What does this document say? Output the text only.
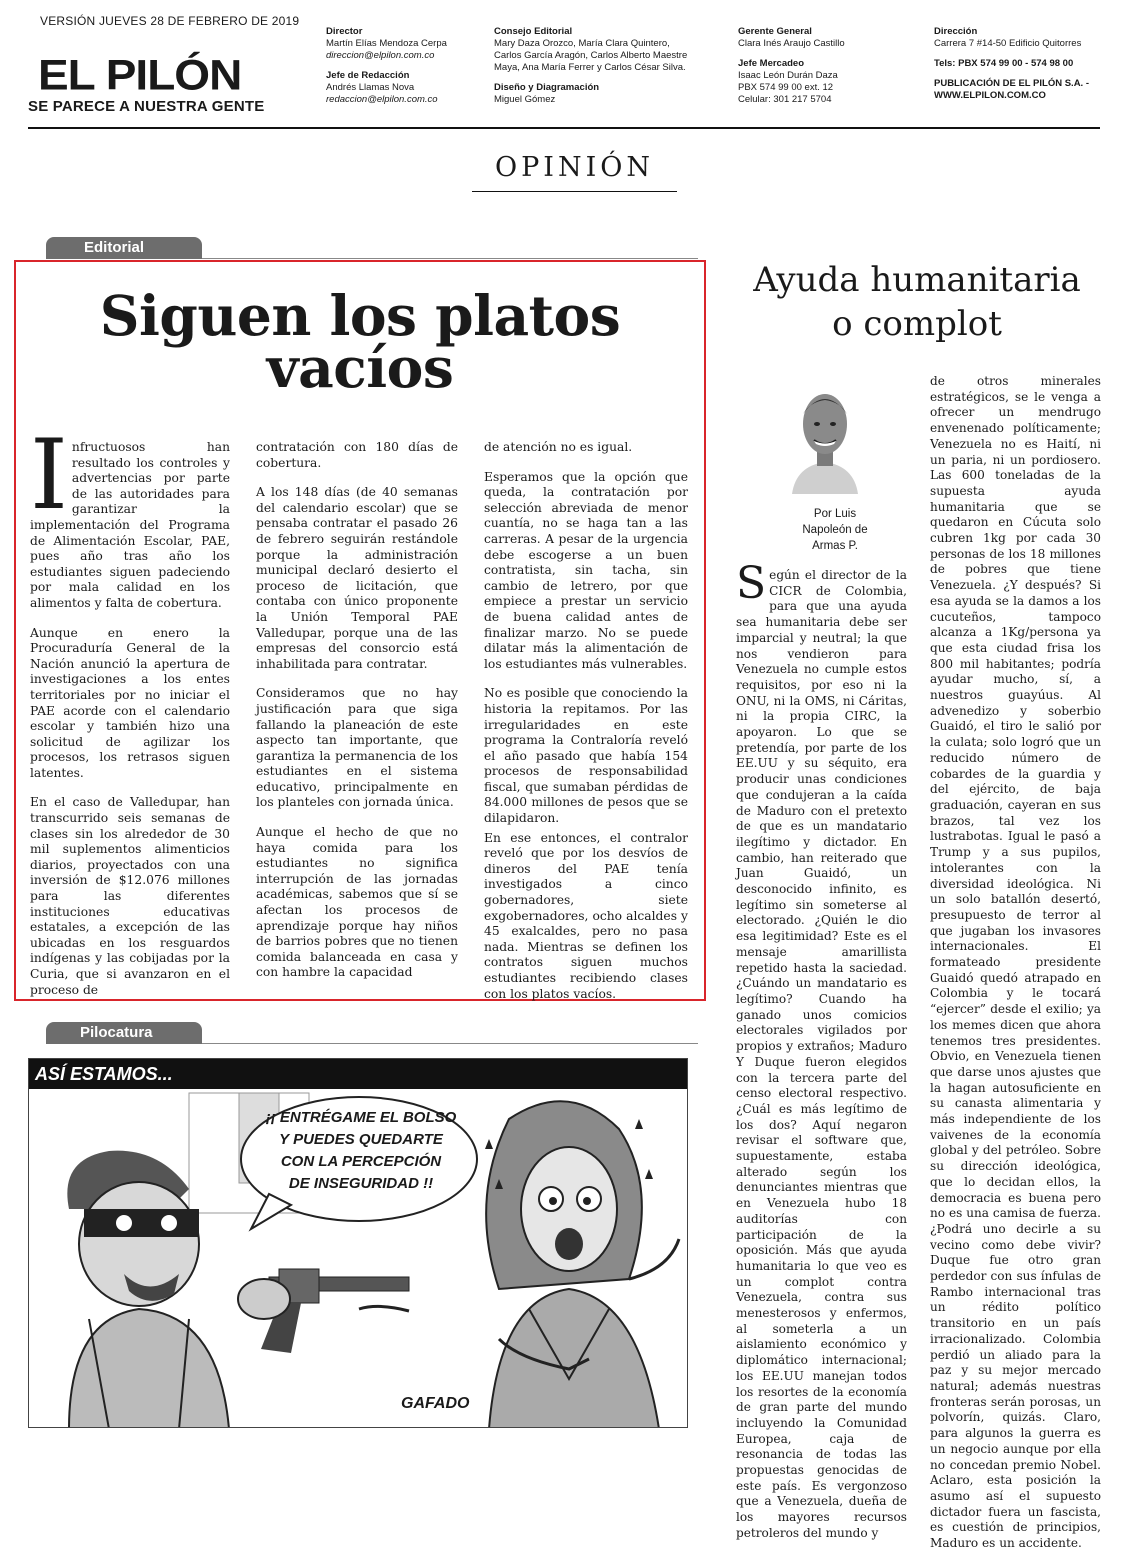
VERSIÓN JUEVES 28 DE FEBRERO DE 2019
EL PILÓN
SE PARECE A NUESTRA GENTE
Director
Martín Elías Mendoza Cerpa
direccion@elpilon.com.co
Jefe de Redacción
Andrés Llamas Nova
redaccion@elpilon.com.co
Consejo Editorial
Mary Daza Orozco, María Clara Quintero,
Carlos García Aragón, Carlos Alberto Maestre
Maya, Ana María Ferrer y Carlos César Silva.
Diseño y Diagramación
Miguel Gómez
Gerente General
Clara Inés Araujo Castillo
Jefe Mercadeo
Isaac León Durán Daza
PBX 574 99 00 ext. 12
Celular: 301 217 5704
Dirección
Carrera 7 #14-50 Edificio Quitorres
Tels: PBX 574 99 00 - 574 98 00
PUBLICACIÓN DE EL PILÓN S.A. -
WWW.ELPILON.COM.CO
OPINIÓN
Editorial
Siguen los platos
vacíos

Infructuosos han resultado los controles y advertencias por parte de las autoridades para garantizar la implementación del Programa de Alimentación Escolar, PAE, pues año tras año los estudiantes siguen padeciendo por mala calidad en los alimentos y falta de cobertura.

Aunque en enero la Procuraduría General de la Nación anunció la apertura de investigaciones a los entes territoriales por no iniciar el PAE acorde con el calendario escolar y también hizo una solicitud de agilizar los procesos, los retrasos siguen latentes.

En el caso de Valledupar, han transcurrido seis semanas de clases sin los alrededor de 30 mil suplementos alimenticios diarios, proyectados con una inversión de $12.076 millones para las diferentes instituciones educativas estatales, a excepción de las ubicadas en los resguardos indígenas y las cobijadas por la Curia, que si avanzaron en el proceso de

contratación con 180 días de cobertura.

A los 148 días (de 40 semanas del calendario escolar) que se pensaba contratar el pasado 26 de febrero seguirán restándole porque la administración municipal declaró desierto el proceso de licitación, que contaba con único proponente la Unión Temporal PAE Valledupar, porque una de las empresas del consorcio está inhabilitada para contratar.

Consideramos que no hay justificación para que siga fallando la planeación de este aspecto tan importante, que garantiza la permanencia de los estudiantes en el sistema educativo, principalmente en los planteles con jornada única.

Aunque el hecho de que no haya comida para los estudiantes no significa interrupción de las jornadas académicas, sabemos que sí se afectan los procesos de aprendizaje porque hay niños de barrios pobres que no tienen comida balanceada en casa y con hambre la capacidad

de atención no es igual.

Esperamos que la opción que queda, la contratación por selección abreviada de menor cuantía, no se haga tan a las carreras. A pesar de la urgencia debe escogerse a un buen contratista, sin tacha, sin cambio de letrero, por que empiece a prestar un servicio de buena calidad antes de finalizar marzo. No se puede dilatar más la alimentación de los estudiantes más vulnerables.

No es posible que conociendo la historia la repitamos. Por las irregularidades en este programa la Contraloría reveló el año pasado que había 154 procesos de responsabilidad fiscal, que sumaban pérdidas de 84.000 millones de pesos que se dilapidaron.

En ese entonces, el contralor reveló que por los desvíos de dineros del PAE tenía investigados a cinco gobernadores, siete exgobernadores, ocho alcaldes y 45 exalcaldes, pero no pasa nada. Mientras se definen los contratos siguen muchos estudiantes recibiendo clases con los platos vacíos.

Ayuda humanitaria
o complot
Por Luis
Napoleón de
Armas P.

Según el director de la CICR de Colombia, para que una ayuda sea humanitaria debe ser imparcial y neutral; la que nos vendieron para Venezuela no cumple estos requisitos, por eso ni la ONU, ni la OMS, ni Cáritas, ni la propia CIRC, la apoyaron. Lo que se pretendía, por parte de los EE.UU y su séquito, era producir unas condiciones que condujeran a la caída de Maduro con el pretexto de que es un mandatario ilegítimo y dictador. En cambio, han reiterado que Juan Guaidó, un desconocido infinito, es legítimo sin someterse al electorado. ¿Quién le dio esa legitimidad? Este es el mensaje amarillista repetido hasta la saciedad. ¿Cuándo un mandatario es legítimo? Cuando ha ganado unos comicios electorales vigilados por propios y extraños; Maduro Y Duque fueron elegidos con la tercera parte del censo electoral respectivo. ¿Cuál es más legítimo de los dos? Aquí negaron revisar el software que, supuestamente, estaba alterado según los denunciantes mientras que en Venezuela hubo 18 auditorías con participación de la oposición. Más que ayuda humanitaria lo que veo es un complot contra Venezuela, contra sus menesterosos y enfermos, al someterla a un aislamiento económico y diplomático internacional; los EE.UU manejan todos los resortes de la economía de gran parte del mundo incluyendo la Comunidad Europea, caja de resonancia de todas las propuestas genocidas de este país. Es vergonzoso que a Venezuela, dueña de los mayores recursos petroleros del mundo y

de otros minerales estratégicos, se le venga a ofrecer un mendrugo envenenado políticamente; Venezuela no es Haití, ni un paria, ni un pordiosero. Las 600 toneladas de la supuesta ayuda humanitaria que se quedaron en Cúcuta solo cubren 1kg por cada 30 personas de los 18 millones de pobres que tiene Venezuela. ¿Y después? Si esa ayuda se la damos a los cucuteños, tampoco alcanza a 1Kg/persona ya que esta ciudad frisa los 800 mil habitantes; podría ayudar mucho, sí, a nuestros guayúus. Al advenedizo y soberbio Guaidó, el tiro le salió por la culata; solo logró que un reducido número de cobardes de la guardia y del ejército, de baja graduación, cayeran en sus brazos, tal vez los lustrabotas. Igual le pasó a Trump y a sus pupilos, intolerantes con la diversidad ideológica. Ni un solo batallón desertó, presupuesto de terror al que jugaban los invasores internacionales. El formateado presidente Guaidó quedó atrapado en Colombia y le tocará “ejercer” desde el exilio; ya los memes dicen que ahora tenemos tres presidentes. Obvio, en Venezuela tienen que darse unos ajustes que la hagan autosuficiente en su canasta alimentaria y más independiente de los vaivenes de la economía global y del petróleo. Sobre su dirección ideológica, que lo decidan ellos, la democracia es buena pero no es una camisa de fuerza. ¿Podrá uno decirle a su vecino como debe vivir? Duque fue otro gran perdedor con sus ínfulas de Rambo internacional tras un rédito político transitorio en un país irracionalizado. Colombia perdió un aliado para la paz y su mejor mercado natural; además nuestras fronteras serán porosas, un polvorín, quizás. Claro, para algunos la guerra es un negocio aunque por ella no concedan premio Nobel. Aclaro, esta posición la asumo así el supuesto dictador fuera un fascista, es cuestión de principios, Maduro es un accidente.

Pilocatura
ASÍ ESTAMOS...
¡¡ ENTRÉGAME EL BOLSO
Y PUEDES QUEDARTE
CON LA PERCEPCIÓN
DE INSEGURIDAD !!
GAFADO
